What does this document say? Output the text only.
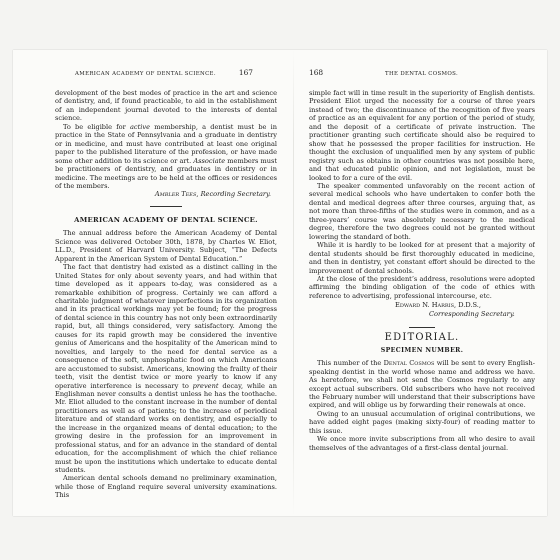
AMERICAN ACADEMY OF DENTAL SCIENCE.	167

development of the best modes of practice in the art and science of dentistry, and, if found practicable, to aid in the establishment of an independent journal devoted to the interests of dental science.

To be eligible for active membership, a dentist must be in practice in the State of Pennsylvania and a graduate in dentistry or in medicine, and must have contributed at least one original paper to the published literature of the profession, or have made some other addition to its science or art. Associate members must be practitioners of dentistry, and graduates in dentistry or in medicine. The meetings are to be held at the offices or residences of the members.

Ambler Tees, Recording Secretary.

AMERICAN ACADEMY OF DENTAL SCIENCE.

The annual address before the American Academy of Dental Science was delivered October 30th, 1878, by Charles W. Eliot, LL.D., President of Harvard University. Subject, “The Defects Apparent in the American System of Dental Education.”

The fact that dentistry had existed as a distinct calling in the United States for only about seventy years, and had within that time developed as it appears to-day, was considered as a remarkable exhibition of progress. Certainly we can afford a charitable judgment of whatever imperfections in its organization and in its practical workings may yet be found; for the progress of dental science in this country has not only been extraordinarily rapid, but, all things considered, very satisfactory. Among the causes for its rapid growth may be considered the inventive genius of Americans and the hospitality of the American mind to novelties, and largely to the need for dental service as a consequence of the soft, unphosphatic food on which Americans are accustomed to subsist. Americans, knowing the frailty of their teeth, visit the dentist twice or more yearly to know if any operative interference is necessary to prevent decay, while an Englishman never consults a dentist unless he has the toothache. Mr. Eliot alluded to the constant increase in the number of dental practitioners as well as of patients; to the increase of periodical literature and of standard works on dentistry, and especially to the increase in the organized means of dental education; to the growing desire in the profession for an improvement in professional status, and for an advance in the standard of dental education, for the accomplishment of which the chief reliance must be upon the institutions which undertake to educate dental students.

American dental schools demand no preliminary examination, while those of England require several university examinations. This

168	THE DENTAL COSMOS.

simple fact will in time result in the superiority of English dentists. President Eliot urged the necessity for a course of three years instead of two; the discontinuance of the recognition of five years of practice as an equivalent for any portion of the period of study, and the deposit of a certificate of private instruction. The practitioner granting such certificate should also be required to show that he possessed the proper facilities for instruction. He thought the exclusion of unqualified men by any system of public registry such as obtains in other countries was not possible here, and that educated public opinion, and not legislation, must be looked to for a cure of the evil.

The speaker commented unfavorably on the recent action of several medical schools who have undertaken to confer both the dental and medical degrees after three courses, arguing that, as not more than three-fifths of the studies were in common, and as a three-years’ course was absolutely necessary to the medical degree, therefore the two degrees could not be granted without lowering the standard of both.

While it is hardly to be looked for at present that a majority of dental students should be first thoroughly educated in medicine, and then in dentistry, yet constant effort should be directed to the improvement of dental schools.

At the close of the president’s address, resolutions were adopted affirming the binding obligation of the code of ethics with reference to advertising, professional intercourse, etc.

Edward N. Harris, D.D.S.,

Corresponding Secretary.

EDITORIAL.
SPECIMEN NUMBER.

This number of the Dental Cosmos will be sent to every English-speaking dentist in the world whose name and address we have. As heretofore, we shall not send the Cosmos regularly to any except actual subscribers. Old subscribers who have not received the February number will understand that their subscriptions have expired, and will oblige us by forwarding their renewals at once.

Owing to an unusual accumulation of original contributions, we have added eight pages (making sixty-four) of reading matter to this issue.

We once more invite subscriptions from all who desire to avail themselves of the advantages of a first-class dental journal.
